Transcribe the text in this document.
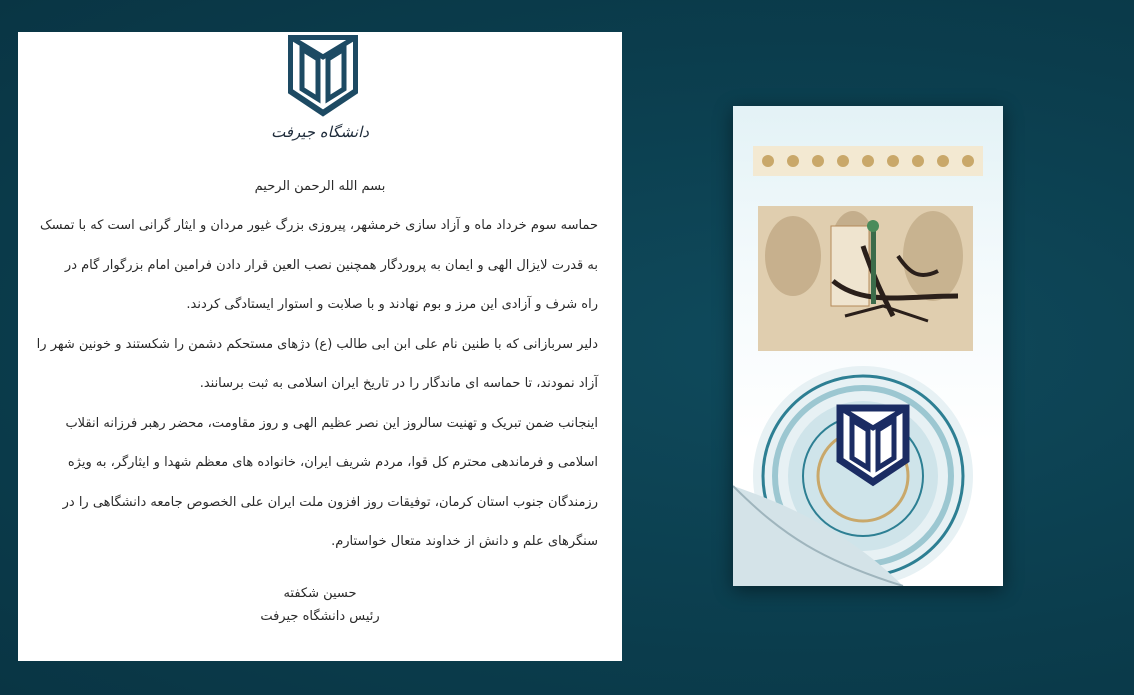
دانشگاه جیرفت
بسم الله الرحمن الرحیم
حماسه سوم خرداد ماه و آزاد سازی خرمشهر، پیروزی بزرگ غیور مردان و ایثار گرانی است که با تمسک
به قدرت لایزال الهی و ایمان به پروردگار همچنین نصب العین قرار دادن فرامین امام بزرگوار گام در
راه شرف و آزادی این مرز و بوم نهادند و با صلابت و استوار ایستادگی کردند.
دلیر سربازانی که با طنین نام علی ابن ابی طالب (ع) دژهای مستحکم دشمن را شکستند و خونین شهر را
آزاد نمودند، تا حماسه ای ماندگار را در تاریخ ایران اسلامی به ثبت برسانند.
اینجانب ضمن تبریک و تهنیت سالروز این نصر عظیم الهی و روز مقاومت، محضر رهبر فرزانه انقلاب
اسلامی و فرماندهی محترم کل قوا، مردم شریف ایران، خانواده های معظم شهدا و ایثارگر، به ویژه
رزمندگان جنوب استان کرمان، توفیقات روز افزون ملت ایران علی الخصوص جامعه دانشگاهی را در
سنگرهای علم و دانش از خداوند متعال خواستارم.
حسین شکفته
رئیس دانشگاه جیرفت
